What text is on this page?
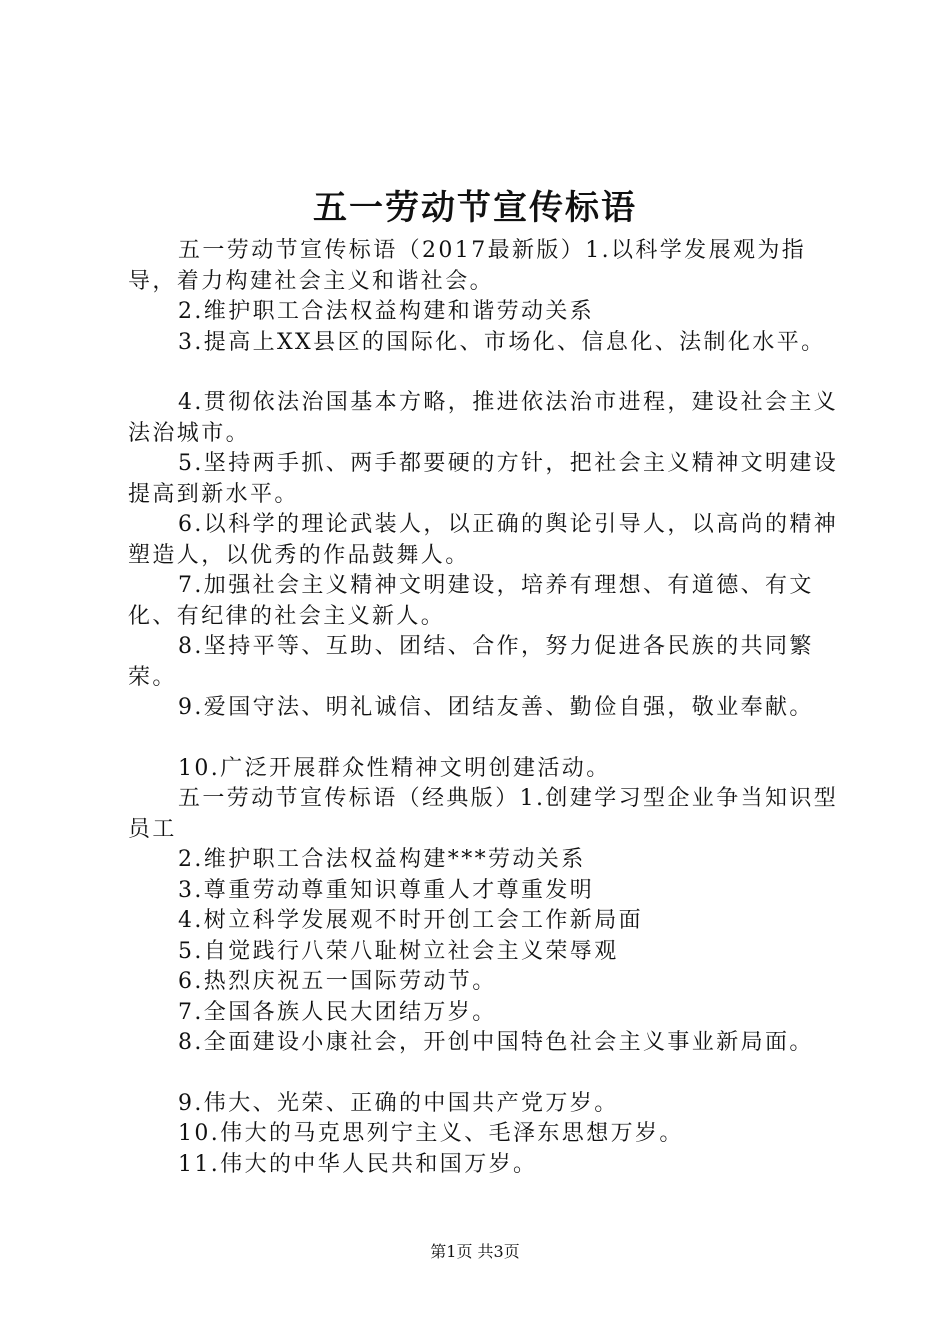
五一劳动节宣传标语

五一劳动节宣传标语（2017最新版）1.以科学发展观为指导，着力构建社会主义和谐社会。

2.维护职工合法权益构建和谐劳动关系

3.提高上XX县区的国际化、市场化、信息化、法制化水平。

4.贯彻依法治国基本方略，推进依法治市进程，建设社会主义法治城市。

5.坚持两手抓、两手都要硬的方针，把社会主义精神文明建设提高到新水平。

6.以科学的理论武装人，以正确的舆论引导人，以高尚的精神塑造人，以优秀的作品鼓舞人。

7.加强社会主义精神文明建设，培养有理想、有道德、有文化、有纪律的社会主义新人。

8.坚持平等、互助、团结、合作，努力促进各民族的共同繁荣。

9.爱国守法、明礼诚信、团结友善、勤俭自强，敬业奉献。

10.广泛开展群众性精神文明创建活动。

五一劳动节宣传标语（经典版）1.创建学习型企业争当知识型员工

2.维护职工合法权益构建***劳动关系

3.尊重劳动尊重知识尊重人才尊重发明

4.树立科学发展观不时开创工会工作新局面

5.自觉践行八荣八耻树立社会主义荣辱观

6.热烈庆祝五一国际劳动节。

7.全国各族人民大团结万岁。

8.全面建设小康社会，开创中国特色社会主义事业新局面。

9.伟大、光荣、正确的中国共产党万岁。

10.伟大的马克思列宁主义、毛泽东思想万岁。

11.伟大的中华人民共和国万岁。

第1页 共3页
